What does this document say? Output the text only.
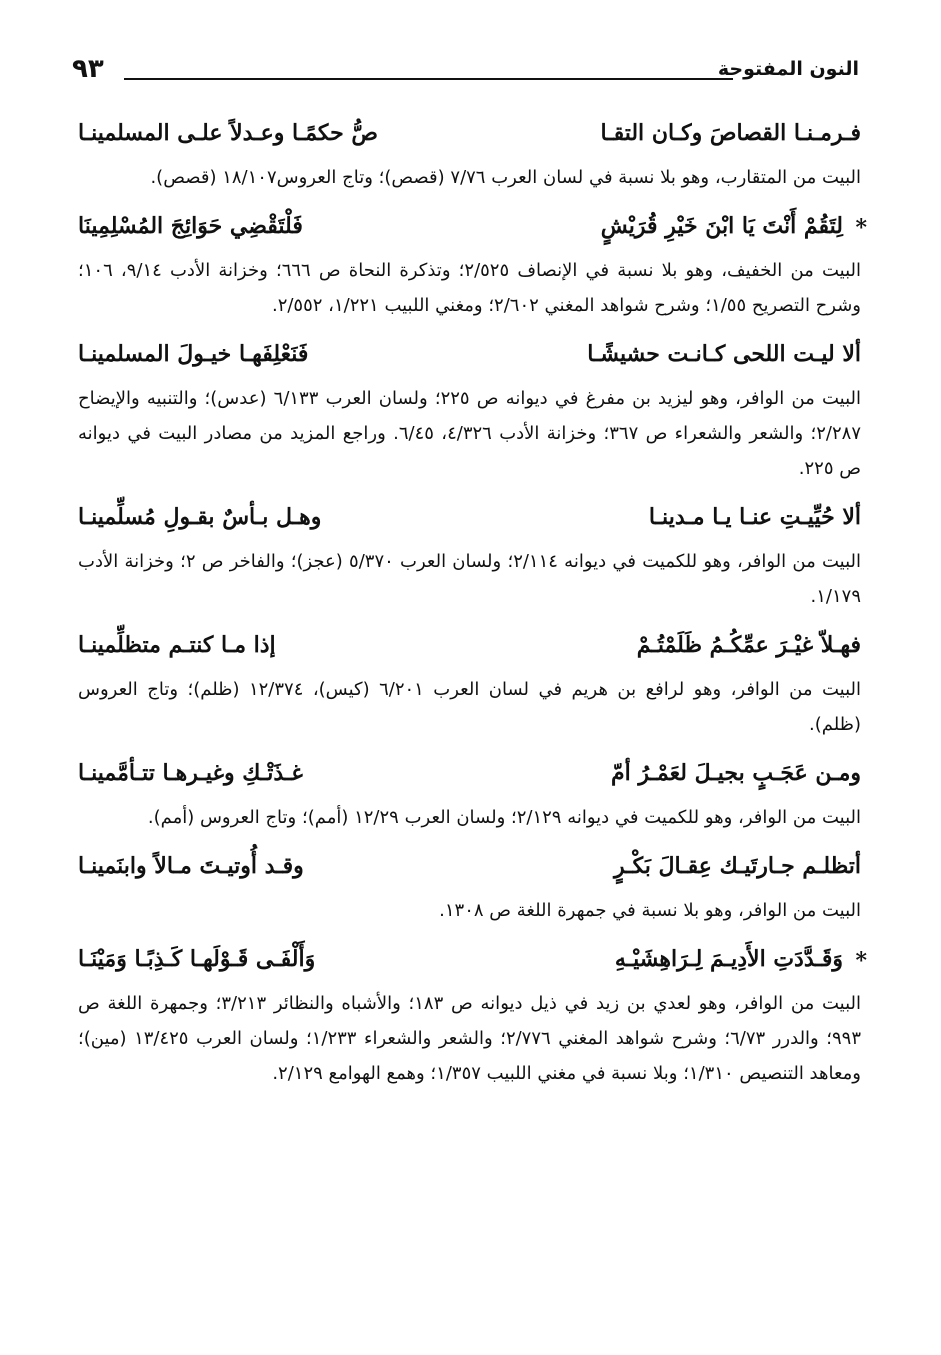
النون المفتوحة
٩٣
فـرمـنـا القصاصَ وكـان التقـا
صُّ حكمًـا وعـدلاً علـى المسلمينـا

البيت من المتقارب، وهو بلا نسبة في لسان العرب ٧/٧٦ (قصص)؛ وتاج العروس١٨/١٠٧ (قصص).

*
لِتَقُمْ أَنْتَ يَا ابْنَ خَيْرِ قُرَيْشٍ
فَلْتَقْضِي حَوَائِجَ المُسْلِمِينَا

البيت من الخفيف، وهو بلا نسبة في الإنصاف ٢/٥٢٥؛ وتذكرة النحاة ص ٦٦٦؛ وخزانة الأدب ٩/١٤، ١٠٦؛ وشرح التصريح ١/٥٥؛ وشرح شواهد المغني ٢/٦٠٢؛ ومغني اللبيب ١/٢٢١، ٢/٥٥٢.

ألا ليـت اللحى كـانـت حشيشًـا
فَنَعْلِفَهـا خيـولَ المسلمينـا

البيت من الوافر، وهو ليزيد بن مفرغ في ديوانه ص ٢٢٥؛ ولسان العرب ٦/١٣٣ (عدس)؛ والتنبيه والإيضاح ٢/٢٨٧؛ والشعر والشعراء ص ٣٦٧؛ وخزانة الأدب ٤/٣٢٦، ٦/٤٥. وراجع المزيد من مصادر البيت في ديوانه ص ٢٢٥.

ألا حُيِّيـتِ عنـا يـا مـدينـا
وهـل بـأسٌ بقـولِ مُسلِّمينـا

البيت من الوافر، وهو للكميت في ديوانه ٢/١١٤؛ ولسان العرب ٥/٣٧٠ (عجز)؛ والفاخر ص ٢؛ وخزانة الأدب ١/١٧٩.

فهـلاّ غيْـرَ عمِّكُـمُ ظَلَمْتُـمْ
إذا مـا كنتـم متظلِّمينـا

البيت من الوافر، وهو لرافع بن هريم في لسان العرب ٦/٢٠١ (كيس)، ١٢/٣٧٤ (ظلم)؛ وتاج العروس (ظلم).

ومـن عَجَـبٍ بجيـلَ لعَمْـرُ أمّ
غـذَتْـكِ وغيـرهـا تتـأمَّمينـا

البيت من الوافر، وهو للكميت في ديوانه ٢/١٢٩؛ ولسان العرب ١٢/٢٩ (أمم)؛ وتاج العروس (أمم).

أتظلـم جـارتَيـك عِقـالَ بَكْـرٍ
وقـد أُوتيـتَ مـالاً وابنَمينـا

البيت من الوافر، وهو بلا نسبة في جمهرة اللغة ص ١٣٠٨.

*
وَقَـدَّدَتِ الأَدِيـمَ لِـرَاهِشَيْـهِ
وَأَلْفَـى قَـوْلَهـا كَـذِبًـا وَمَيْنَـا

البيت من الوافر، وهو لعدي بن زيد في ذيل ديوانه ص ١٨٣؛ والأشباه والنظائر ٣/٢١٣؛ وجمهرة اللغة ص ٩٩٣؛ والدرر ٦/٧٣؛ وشرح شواهد المغني ٢/٧٧٦؛ والشعر والشعراء ١/٢٣٣؛ ولسان العرب ١٣/٤٢٥ (مين)؛ ومعاهد التنصيص ١/٣١٠؛ وبلا نسبة في مغني اللبيب ١/٣٥٧؛ وهمع الهوامع ٢/١٢٩.
